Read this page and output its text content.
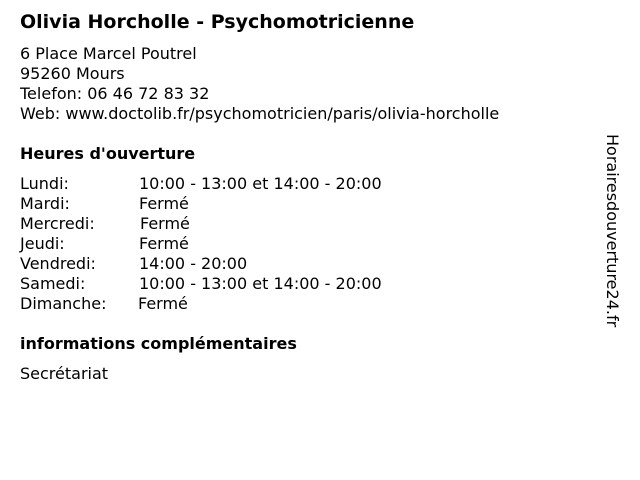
Olivia Horcholle - Psychomotricienne
6 Place Marcel Poutrel
95260 Mours
Telefon: 06 46 72 83 32
Web: www.doctolib.fr/psychomotricien/paris/olivia-horcholle
Heures d'ouverture
Lundi:	10:00 - 13:00 et 14:00 - 20:00
Mardi:	Fermé
Mercredi:	Fermé
Jeudi:	Fermé
Vendredi:	14:00 - 20:00
Samedi:	10:00 - 13:00 et 14:00 - 20:00
Dimanche: Fermé
informations complémentaires
Secrétariat
Horairesdouverture24.fr
